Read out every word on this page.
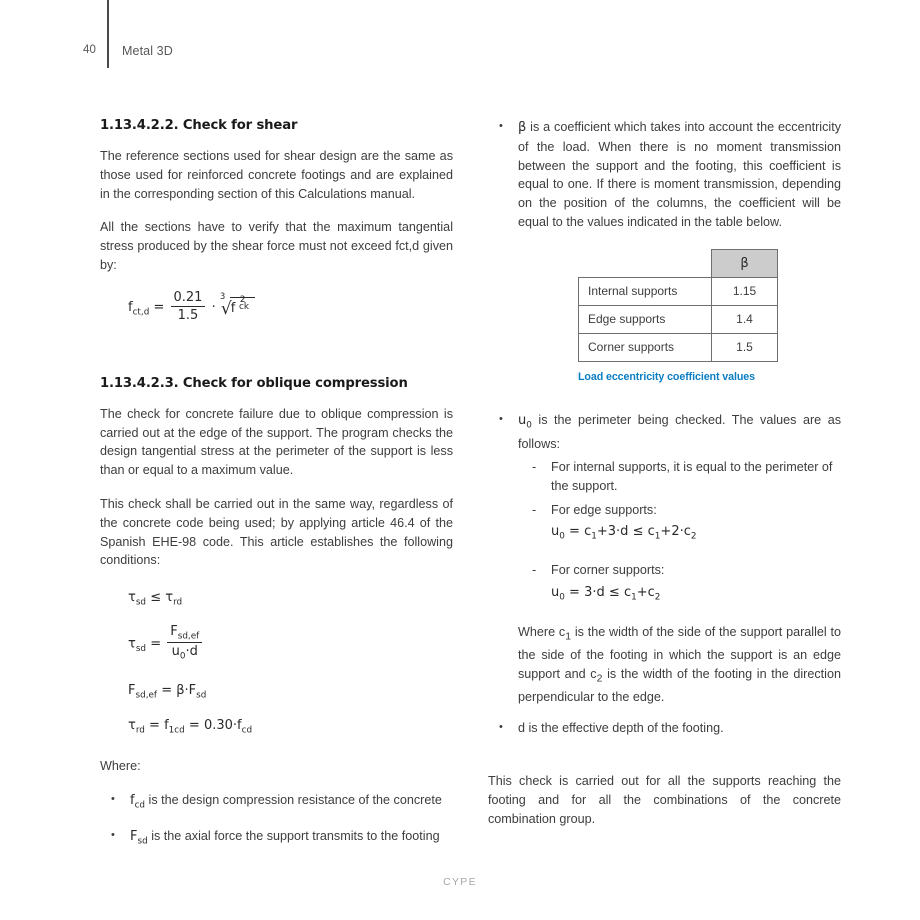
40 Metal 3D
1.13.4.2.2. Check for shear

The reference sections used for shear design are the same as those used for reinforced concrete footings and are explained in the corresponding section of this Calculations manual.

All the sections have to verify that the maximum tangential stress produced by the shear force must not exceed fct,d given by:

$f_{ct,d} = \frac{0.21}{1.5}$ ·
3
√f
2
ck
1.13.4.2.3. Check for oblique compression

The check for concrete failure due to oblique compression is carried out at the edge of the support. The program checks the design tangential stress at the perimeter of the support is less than or equal to a maximum value.

This check shall be carried out in the same way, regardless of the concrete code being used; by applying article 46.4 of the Spanish EHE-98 code. This article establishes the following conditions:

$\tau_{sd} \le \tau_{rd}$
$\tau_{sd} = \frac{F_{sd,ef}}{u_0\cdot d}$
$F_{sd,ef} = \beta\cdot F_{sd}$
$\tau_{rd} = f_{1cd} = 0.30\cdot f_{cd}$

Where:

• $f_{cd}$ is the design compression resistance of the concrete
• $F_{sd}$ is the axial force the support transmits to the footing
• β is a coefficient which takes into account the eccentricity of the load. When there is no moment transmission between the support and the footing, this coefficient is equal to one. If there is moment transmission, depending on the position of the columns, the coefficient will be equal to the values indicated in the table below.
	β
Internal supports	1.15
Edge supports	1.4
Corner supports	1.5
Load eccentricity coefficient values
• $u_0$ is the perimeter being checked. The values are as follows:
- For internal supports, it is equal to the perimeter of the support.
- For edge supports:
$u_0 = c_1+3\cdot d \le c_1+2\cdot c_2$
- For corner supports:
$u_0 = 3\cdot d \le c_1+c_2$

Where $c_1$ is the width of the side of the support parallel to the side of the footing in which the support is an edge support and $c_2$ is the width of the footing in the direction perpendicular to the edge.

• d is the effective depth of the footing.

This check is carried out for all the supports reaching the footing and for all the combinations of the concrete combination group.

CYPE
